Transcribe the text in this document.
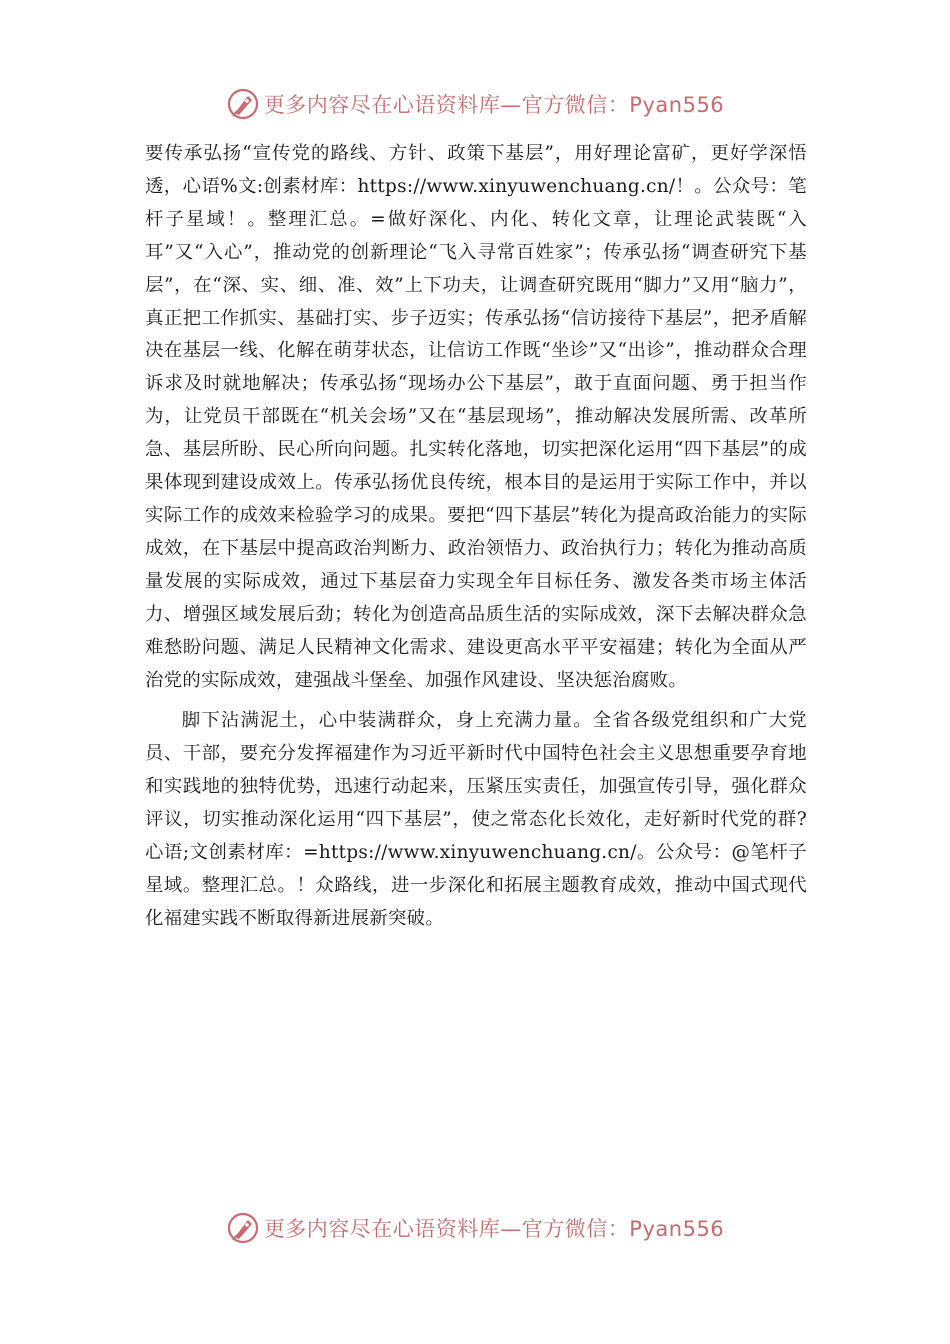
更多内容尽在心语资料库—官方微信：Pyan556

要传承弘扬“宣传党的路线、方针、政策下基层”，用好理论富矿，更好学深悟透，心语%文:创素材库：https://www.xinyuwenchuang.cn/！。公众号：笔杆子星域！。整理汇总。=做好深化、内化、转化文章，让理论武装既“入耳”又“入心”，推动党的创新理论“飞入寻常百姓家”；传承弘扬“调查研究下基层”，在“深、实、细、准、效”上下功夫，让调查研究既用“脚力”又用“脑力”，真正把工作抓实、基础打实、步子迈实；传承弘扬“信访接待下基层”，把矛盾解决在基层一线、化解在萌芽状态，让信访工作既“坐诊”又“出诊”，推动群众合理诉求及时就地解决；传承弘扬“现场办公下基层”，敢于直面问题、勇于担当作为，让党员干部既在“机关会场”又在“基层现场”，推动解决发展所需、改革所急、基层所盼、民心所向问题。扎实转化落地，切实把深化运用“四下基层”的成果体现到建设成效上。传承弘扬优良传统，根本目的是运用于实际工作中，并以实际工作的成效来检验学习的成果。要把“四下基层”转化为提高政治能力的实际成效，在下基层中提高政治判断力、政治领悟力、政治执行力；转化为推动高质量发展的实际成效，通过下基层奋力实现全年目标任务、激发各类市场主体活力、增强区域发展后劲；转化为创造高品质生活的实际成效，深下去解决群众急难愁盼问题、满足人民精神文化需求、建设更高水平平安福建；转化为全面从严治党的实际成效，建强战斗堡垒、加强作风建设、坚决惩治腐败。

脚下沾满泥土，心中装满群众，身上充满力量。全省各级党组织和广大党员、干部，要充分发挥福建作为习近平新时代中国特色社会主义思想重要孕育地和实践地的独特优势，迅速行动起来，压紧压实责任，加强宣传引导，强化群众评议，切实推动深化运用“四下基层”，使之常态化长效化，走好新时代党的群?心语;文创素材库：=https://www.xinyuwenchuang.cn/。公众号：@笔杆子星域。整理汇总。！众路线，进一步深化和拓展主题教育成效，推动中国式现代化福建实践不断取得新进展新突破。

更多内容尽在心语资料库—官方微信：Pyan556
